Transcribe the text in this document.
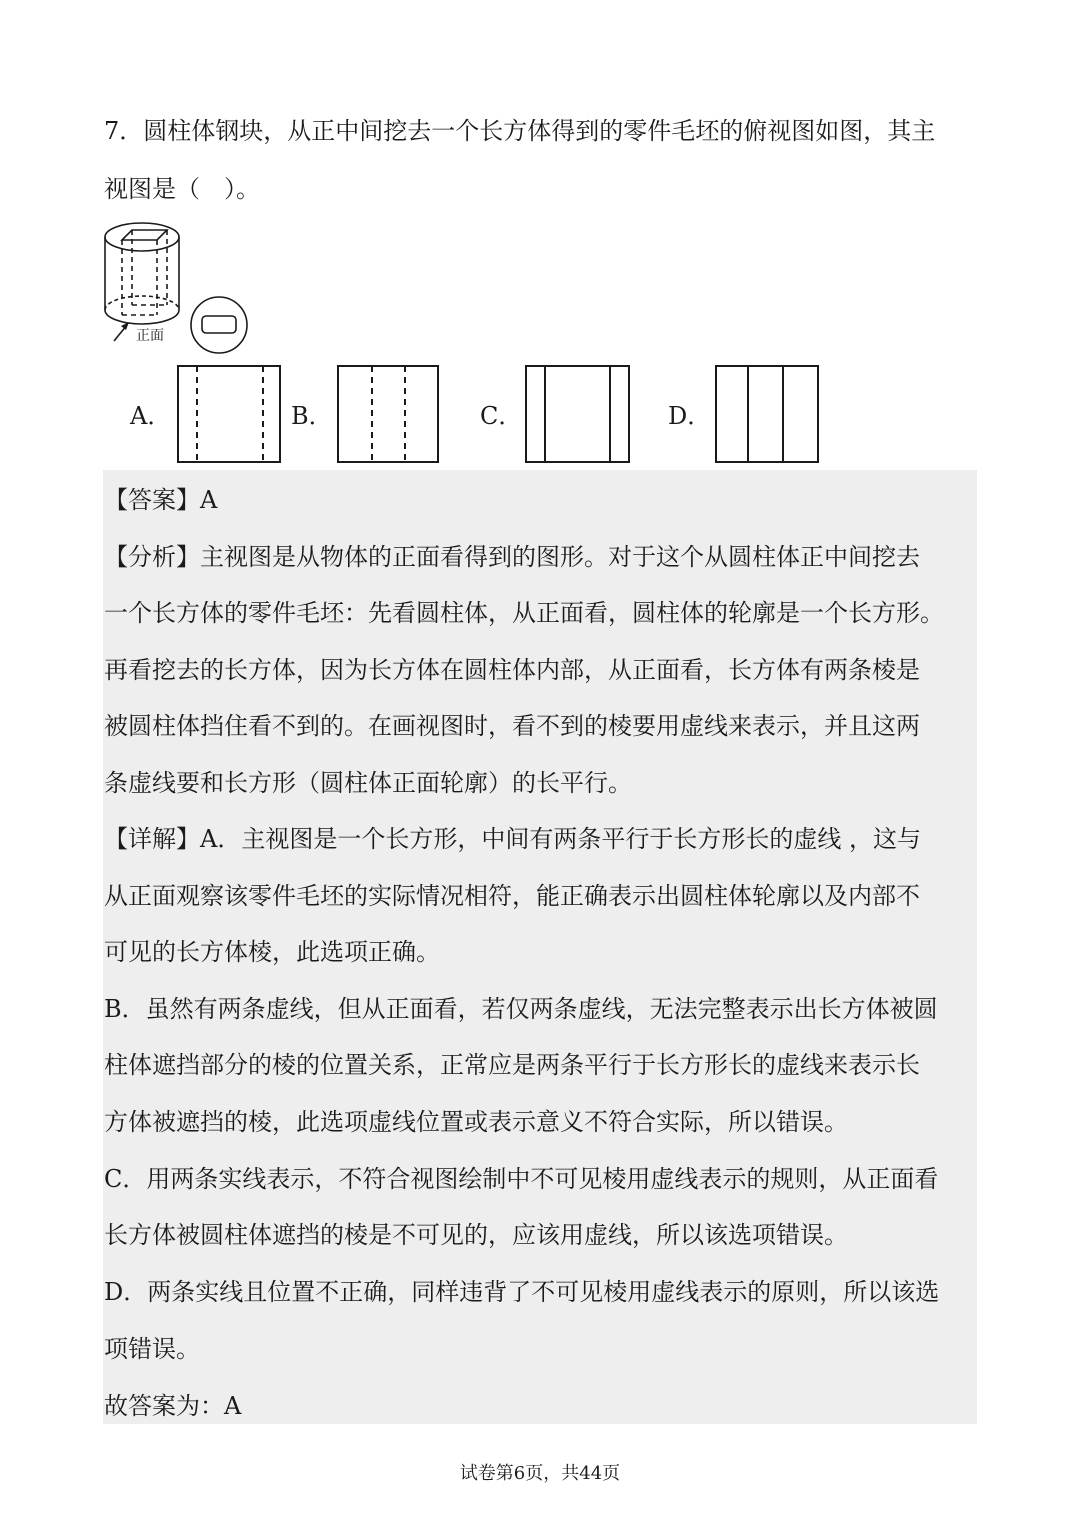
7．圆柱体钢块，从正中间挖去一个长方体得到的零件毛坯的俯视图如图，其主
视图是（　）。
正面
A．	B．	C．	D．
【答案】A
【分析】主视图是从物体的正面看得到的图形。对于这个从圆柱体正中间挖去
一个长方体的零件毛坯：先看圆柱体，从正面看，圆柱体的轮廓是一个长方形。
再看挖去的长方体，因为长方体在圆柱体内部，从正面看，长方体有两条棱是
被圆柱体挡住看不到的。在画视图时，看不到的棱要用虚线来表示，并且这两
条虚线要和长方形（圆柱体正面轮廓）的长平行。
【详解】A．主视图是一个长方形，中间有两条平行于长方形长的虚线 ，这与
从正面观察该零件毛坯的实际情况相符，能正确表示出圆柱体轮廓以及内部不
可见的长方体棱，此选项正确。
B．虽然有两条虚线，但从正面看，若仅两条虚线，无法完整表示出长方体被圆
柱体遮挡部分的棱的位置关系，正常应是两条平行于长方形长的虚线来表示长
方体被遮挡的棱，此选项虚线位置或表示意义不符合实际，所以错误。
C．用两条实线表示，不符合视图绘制中不可见棱用虚线表示的规则，从正面看
长方体被圆柱体遮挡的棱是不可见的，应该用虚线，所以该选项错误。
D．两条实线且位置不正确，同样违背了不可见棱用虚线表示的原则，所以该选
项错误。
故答案为：A
试卷第6页，共44页
